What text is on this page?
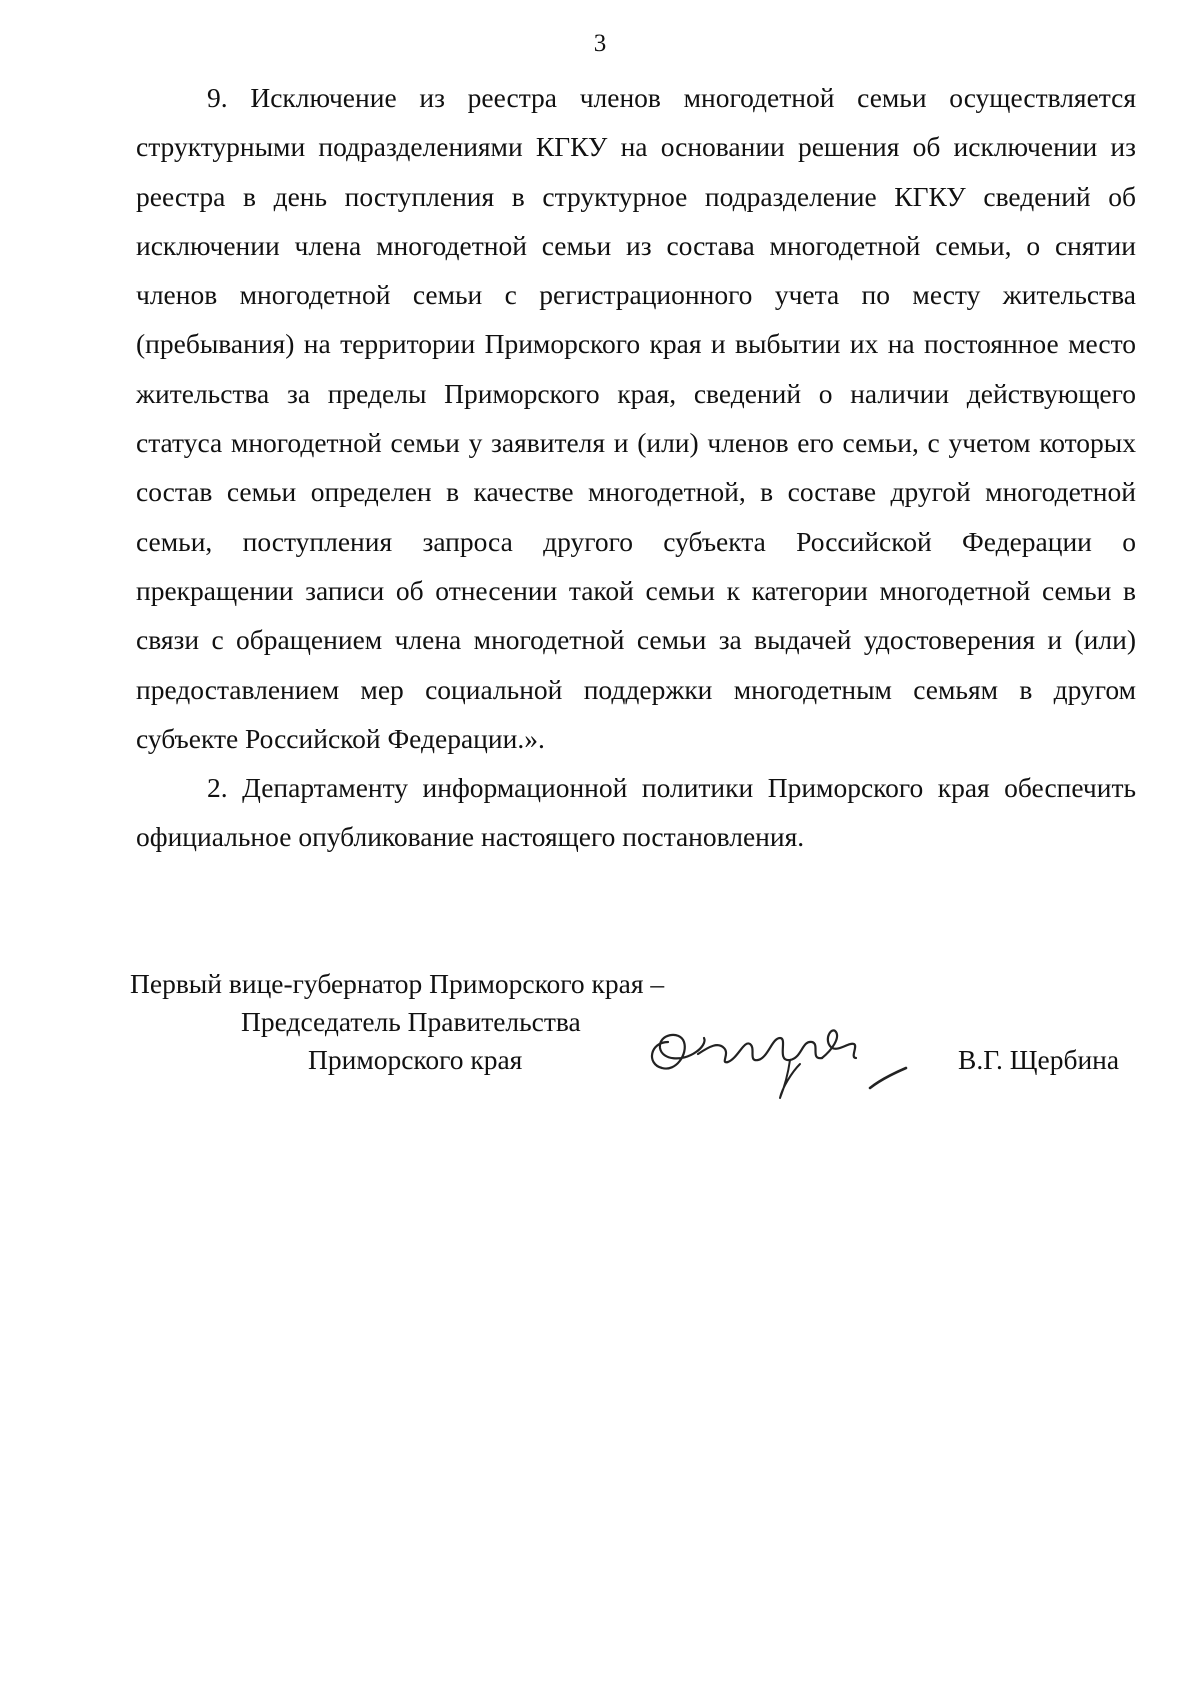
3

9. Исключение из реестра членов многодетной семьи осуществляется структурными подразделениями КГКУ на основании решения об исключении из реестра в день поступления в структурное подразделение КГКУ сведений об исключении члена многодетной семьи из состава многодетной семьи, о снятии членов многодетной семьи с регистрационного учета по месту жительства (пребывания) на территории Приморского края и выбытии их на постоянное место жительства за пределы Приморского края, сведений о наличии действующего статуса многодетной семьи у заявителя и (или) членов его семьи, с учетом которых состав семьи определен в качестве многодетной, в составе другой многодетной семьи, поступления запроса другого субъекта Российской Федерации о прекращении записи об отнесении такой семьи к категории многодетной семьи в связи с обращением члена многодетной семьи за выдачей удостоверения и (или) предоставлением мер социальной поддержки многодетным семьям в другом субъекте Российской Федерации.».

2. Департаменту информационной политики Приморского края обеспечить официальное опубликование настоящего постановления.

Первый вице-губернатор Приморского края –
Председатель Правительства
Приморского края	В.Г. Щербина
